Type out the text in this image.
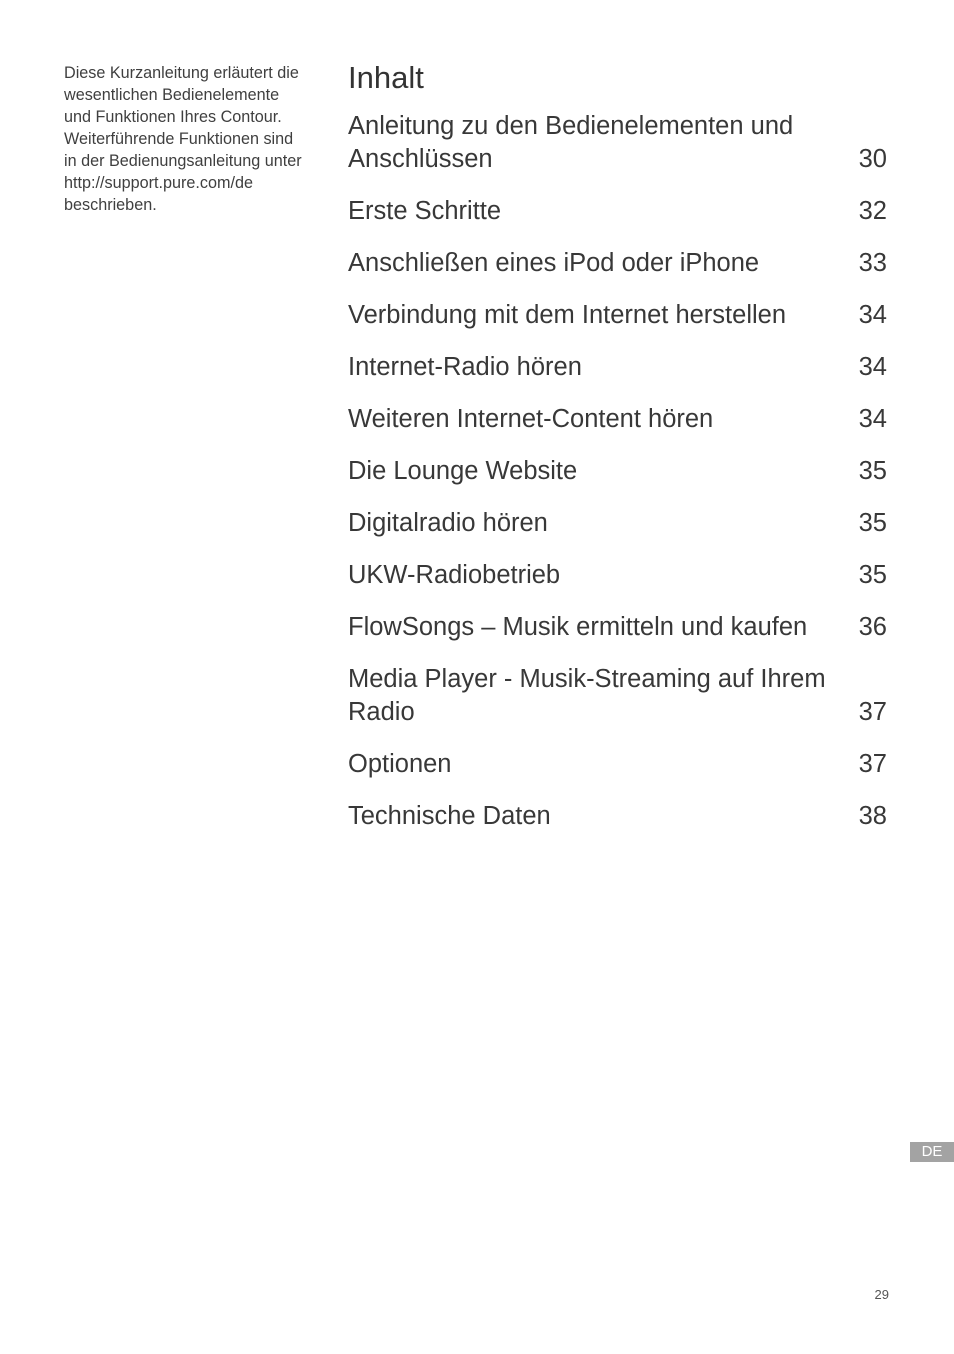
Diese Kurzanleitung erläutert die
wesentlichen Bedienelemente
und Funktionen Ihres Contour.
Weiterführende Funktionen sind
in der Bedienungsanleitung unter
http://support.pure.com/de
beschrieben.

Inhalt
Anleitung zu den Bedienelementen und
Anschlüssen	30
Erste Schritte	32
Anschließen eines iPod oder iPhone	33
Verbindung mit dem Internet herstellen	34
Internet-Radio hören	34
Weiteren Internet-Content hören	34
Die Lounge Website	35
Digitalradio hören	35
UKW-Radiobetrieb	35
FlowSongs – Musik ermitteln und kaufen	36
Media Player - Musik-Streaming auf Ihrem
Radio	37
Optionen	37
Technische Daten	38
DE
29
